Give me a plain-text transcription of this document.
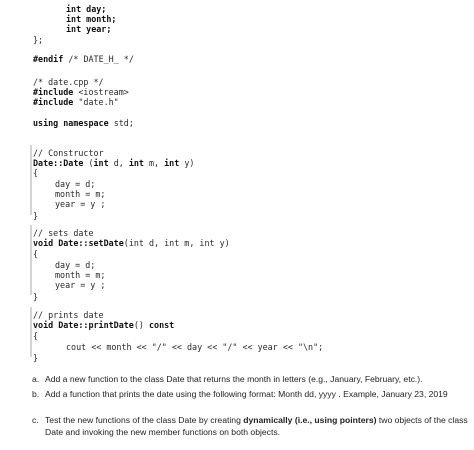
int day;
int month;
int year;
};
#endif /* DATE_H_ */
/* date.cpp */
#include <iostream>
#include "date.h"
using namespace std;
// Constructor
Date::Date (int d, int m, int y)
{
day = d;
month = m;
year = y ;
}
// sets date
void Date::setDate(int d, int m, int y)
{
day = d;
month = m;
year = y ;
}
// prints date
void Date::printDate() const
{
cout << month << "/" << day << "/" << year << "\n";
}
a. Add a new function to the class Date that returns the month in letters (e.g., January, February, etc.).
b. Add a function that prints the date using the following format: Month dd, yyyy . Example, January 23, 2019
c. Test the new functions of the class Date by creating dynamically (i.e., using pointers) two objects of the class Date and invoking the new member functions on both objects.
